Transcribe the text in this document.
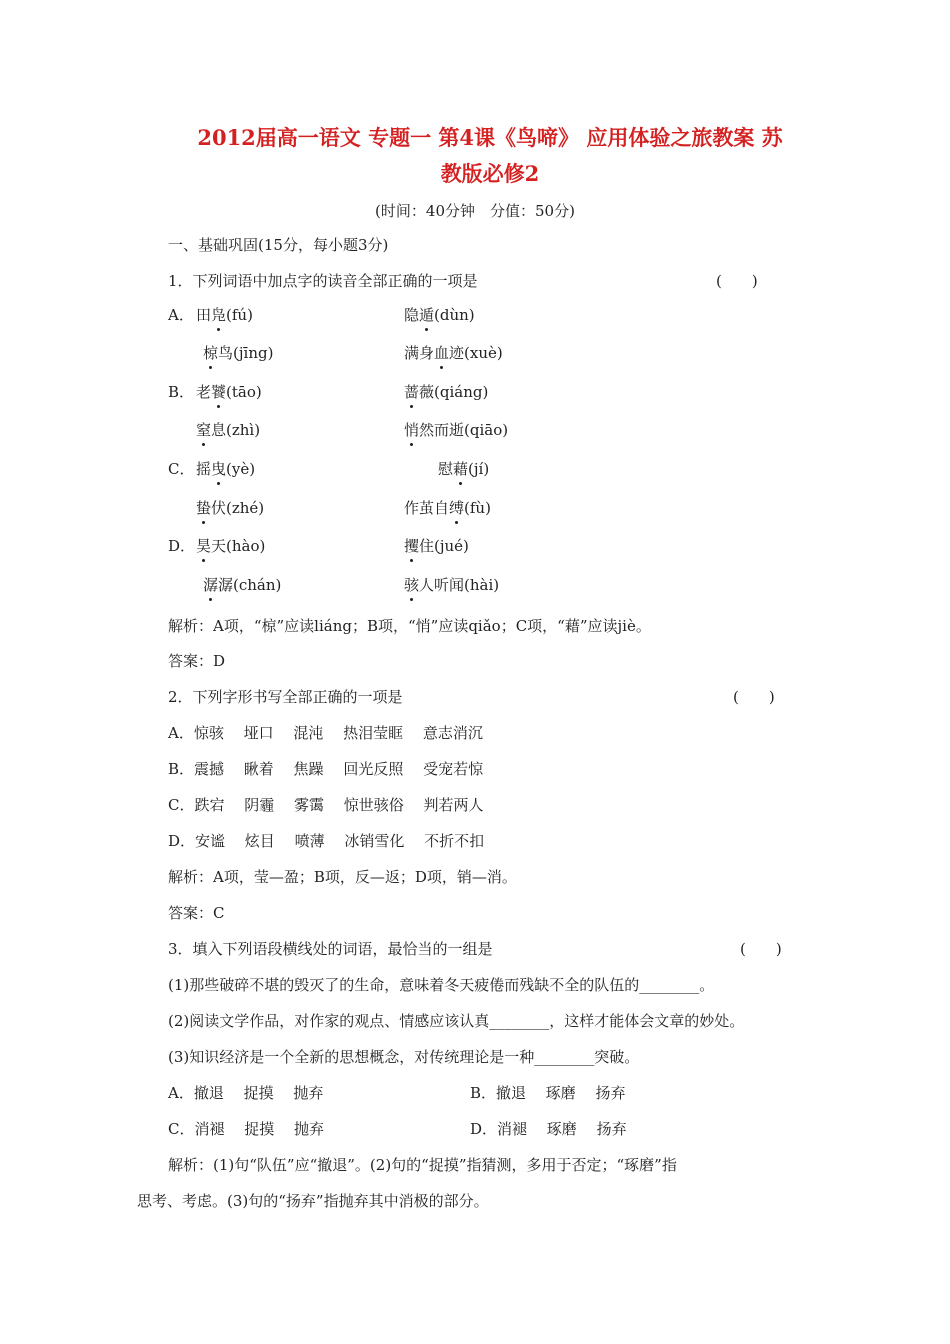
2012届高一语文 专题一 第4课《鸟啼》 应用体验之旅教案 苏
教版必修2
(时间：40分钟　分值：50分)
一、基础巩固(15分，每小题3分)
1．下列词语中加点字的读音全部正确的一项是	(　　)
A． 田凫(fú)	隐遁(dùn)
椋鸟(jīng)	满身血迹(xuè)
B． 老饕(tāo)	蔷薇(qiáng)
窒息(zhì)	悄然而逝(qiāo)
C． 摇曳(yè)	慰藉(jí)
蛰伏(zhé)	作茧自缚(fù)
D． 昊天(hào)	攫住(jué)
潺潺(chán)	骇人听闻(hài)
解析：A项，“椋”应读liáng；B项，“悄”应读qiǎo；C项，“藉”应读jiè。
答案：D
2．下列字形书写全部正确的一项是	(　　)
A．惊骇　 垭口　 混沌　 热泪莹眶　 意志消沉
B．震撼　 瞅着　 焦躁　 回光反照　 受宠若惊
C．跌宕　 阴霾　 雾霭　 惊世骇俗　 判若两人
D．安谧　 炫目　 喷薄　 冰销雪化　 不折不扣
解析：A项，莹—盈；B项，反—返；D项，销—消。
答案：C
3．填入下列语段横线处的词语，最恰当的一组是	(　　)
(1)那些破碎不堪的毁灭了的生命，意味着冬天疲倦而残缺不全的队伍的________。
(2)阅读文学作品，对作家的观点、情感应该认真________，这样才能体会文章的妙处。
(3)知识经济是一个全新的思想概念，对传统理论是一种________突破。
A．撤退　 捉摸　 抛弃	B．撤退　 琢磨　 扬弃
C．消褪　 捉摸　 抛弃	D．消褪　 琢磨　 扬弃
解析：(1)句“队伍”应“撤退”。(2)句的“捉摸”指猜测，多用于否定；“琢磨”指
思考、考虑。(3)句的“扬弃”指抛弃其中消极的部分。
